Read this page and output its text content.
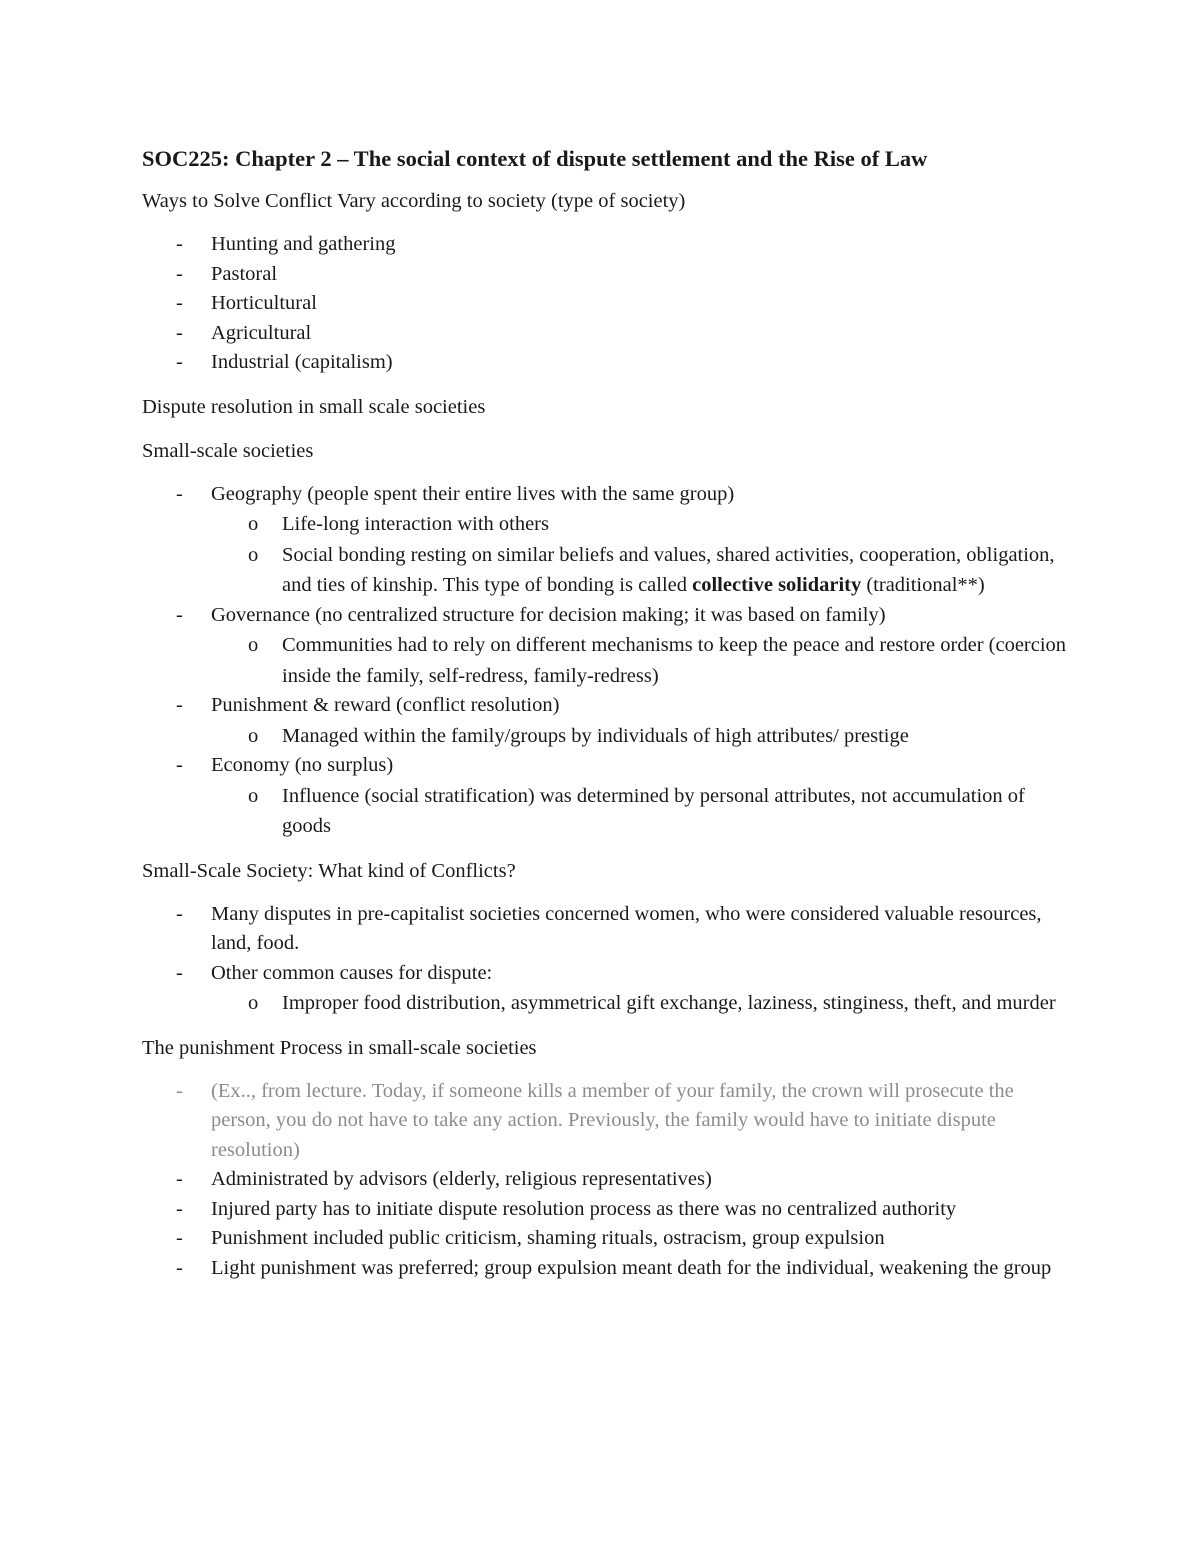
SOC225: Chapter 2 – The social context of dispute settlement and the Rise of Law
Ways to Solve Conflict Vary according to society (type of society)
- Hunting and gathering
- Pastoral
- Horticultural
- Agricultural
- Industrial (capitalism)
Dispute resolution in small scale societies
Small-scale societies
- Geography (people spent their entire lives with the same group)
o Life-long interaction with others
o Social bonding resting on similar beliefs and values, shared activities, cooperation, obligation, and ties of kinship. This type of bonding is called collective solidarity (traditional**)
- Governance (no centralized structure for decision making; it was based on family)
o Communities had to rely on different mechanisms to keep the peace and restore order (coercion inside the family, self-redress, family-redress)
- Punishment & reward (conflict resolution)
o Managed within the family/groups by individuals of high attributes/ prestige
- Economy (no surplus)
o Influence (social stratification) was determined by personal attributes, not accumulation of goods
Small-Scale Society: What kind of Conflicts?
- Many disputes in pre-capitalist societies concerned women, who were considered valuable resources, land, food.
- Other common causes for dispute:
o Improper food distribution, asymmetrical gift exchange, laziness, stinginess, theft, and murder
The punishment Process in small-scale societies
- (Ex.., from lecture. Today, if someone kills a member of your family, the crown will prosecute the person, you do not have to take any action. Previously, the family would have to initiate dispute resolution)
- Administrated by advisors (elderly, religious representatives)
- Injured party has to initiate dispute resolution process as there was no centralized authority
- Punishment included public criticism, shaming rituals, ostracism, group expulsion
- Light punishment was preferred; group expulsion meant death for the individual, weakening the group
